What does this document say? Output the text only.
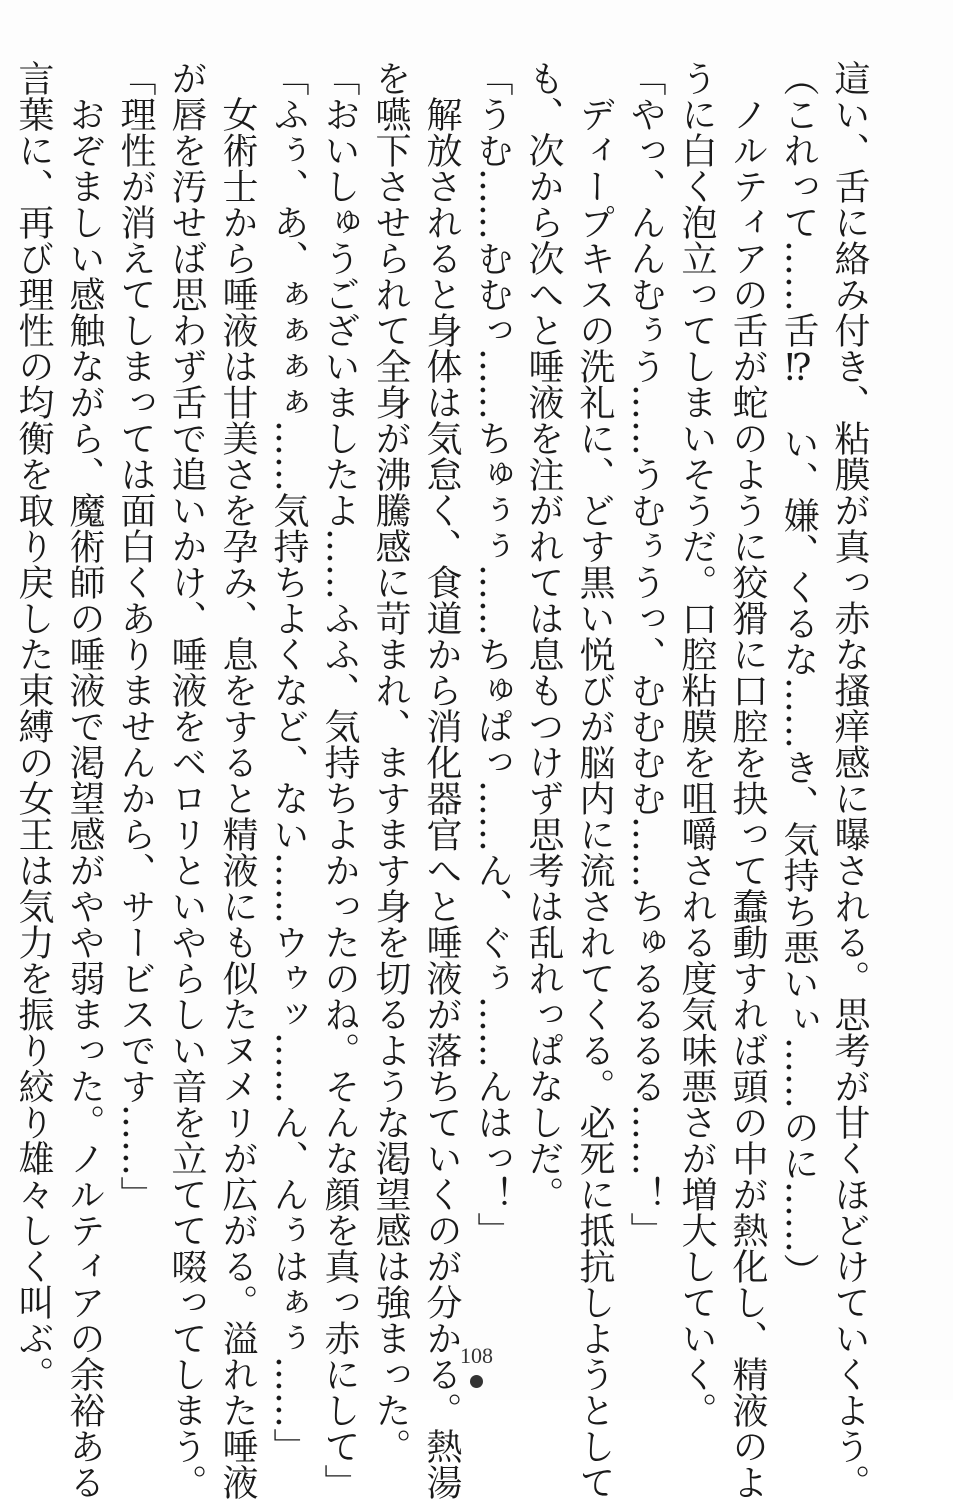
這い、舌に絡み付き、粘膜が真っ赤な搔痒感に曝される。思考が甘くほどけていくよう。
（これって……舌⁉　い、嫌、くるな……き、気持ち悪いぃ……のに……）
　ノルティアの舌が蛇のように狡猾に口腔を抉って蠢動すれば頭の中が熱化し、精液のよ
うに白く泡立ってしまいそうだ。口腔粘膜を咀嚼される度気味悪さが増大していく。
「やっ、んんむぅう……うむぅうっ、むむむむ……ちゅるるるる……！」
　ディープキスの洗礼に、どす黒い悦びが脳内に流されてくる。必死に抵抗しようとして
も、次から次へと唾液を注がれては息もつけず思考は乱れっぱなしだ。
「うむ……むむっ……ちゅぅぅ……ちゅぱっ……ん、ぐぅ……んはっ！」
　解放されると身体は気怠く、食道から消化器官へと唾液が落ちていくのが分かる。熱湯
を嚥下させられて全身が沸騰感に苛まれ、ますます身を切るような渇望感は強まった。
「おいしゅうございましたよ……ふふ、気持ちよかったのね。そんな顔を真っ赤にして」
「ふぅ、あ、ぁぁぁぁ……気持ちよくなど、ない……ウゥッ……ん、んぅはぁぅ……」
　女術士から唾液は甘美さを孕み、息をすると精液にも似たヌメリが広がる。溢れた唾液
が唇を汚せば思わず舌で追いかけ、唾液をベロリといやらしい音を立てて啜ってしまう。
「理性が消えてしまっては面白くありませんから、サービスです……」
　おぞましい感触ながら、魔術師の唾液で渇望感がやや弱まった。ノルティアの余裕ある
言葉に、再び理性の均衡を取り戻した束縛の女王は気力を振り絞り雄々しく叫ぶ。	108
